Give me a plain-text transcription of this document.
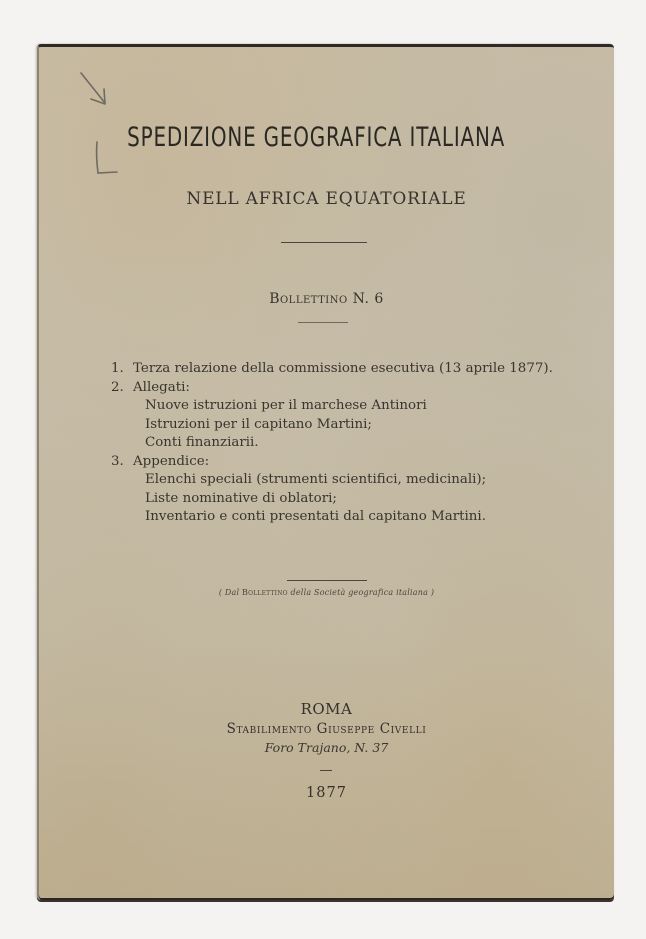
SPEDIZIONE GEOGRAFICA ITALIANA
NELL AFRICA EQUATORIALE
Bollettino N. 6
1. Terza relazione della commissione esecutiva (13 aprile 1877).
2. Allegati:
Nuove istruzioni per il marchese Antinori
Istruzioni per il capitano Martini;
Conti finanziarii.
3. Appendice:
Elenchi speciali (strumenti scientifici, medicinali);
Liste nominative di oblatori;
Inventario e conti presentati dal capitano Martini.
( Dal Bollettino della Società geografica italiana )
ROMA
Stabilimento Giuseppe Civelli
Foro Trajano, N. 37
1877
